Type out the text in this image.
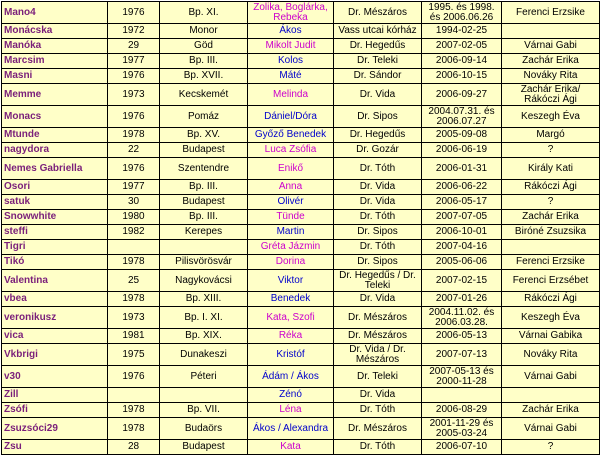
Mano4	1976	Bp. XI.	Zolika, Boglárka, Rebeka	Dr. Mészáros	1995. és 1998. és 2006.06.26	Ferenci Erzsike
Monácska	1972	Monor	Ákos	Vass utcai kórház	1994-02-25	
Manóka	29	Göd	Mikolt Judit	Dr. Hegedűs	2007-02-05	Várnai Gabi
Marcsim	1977	Bp. III.	Kolos	Dr. Teleki	2006-09-14	Zachár Erika
Masni	1976	Bp. XVII.	Máté	Dr. Sándor	2006-10-15	Nováky Rita
Memme	1973	Kecskemét	Melinda	Dr. Vida	2006-09-27	Zachár Erika/ Rákóczi Ági
Monacs	1976	Pomáz	Dániel/Dóra	Dr. Sipos	2004.07.31. és 2006.07.27	Keszegh Éva
Mtunde	1978	Bp. XV.	Győző Benedek	Dr. Hegedűs	2005-09-08	Margó
nagydora	22	Budapest	Luca Zsófia	Dr. Gozár	2006-06-19	?
Nemes Gabriella	1976	Szentendre	Enikő	Dr. Tóth	2006-01-31	Király Kati
Osori	1977	Bp. III.	Anna	Dr. Vida	2006-06-22	Rákóczi Ági
satuk	30	Budapest	Olivér	Dr. Vida	2006-05-17	?
Snowwhite	1980	Bp. III.	Tünde	Dr. Tóth	2007-07-05	Zachár Erika
steffi	1982	Kerepes	Martin	Dr. Sipos	2006-10-01	Biróné Zsuzsika
Tigri			Gréta Jázmin	Dr. Tóth	2007-04-16	
Tikó	1978	Pilisvörösvár	Dorina	Dr. Sipos	2005-06-06	Ferenci Erzsike
Valentina	25	Nagykovácsi	Viktor	Dr. Hegedűs / Dr. Teleki	2007-02-15	Ferenci Erzsébet
vbea	1978	Bp. XIII.	Benedek	Dr. Vida	2007-01-26	Rákóczi Ági
veronikusz	1973	Bp. I. XI.	Kata, Szofi	Dr. Mészáros	2004.11.02. és 2006.03.28.	Keszegh Éva
vica	1981	Bp. XIX.	Réka	Dr. Mészáros	2006-05-13	Várnai Gabika
Vkbrigi	1975	Dunakeszi	Kristóf	Dr. Vida / Dr. Mészáros	2007-07-13	Nováky Rita
v30	1976	Péteri	Ádám / Ákos	Dr. Teleki	2007-05-13 és 2000-11-28	Várnai Gabi
Zill			Zénó	Dr. Vida		
Zsófi	1978	Bp. VII.	Léna	Dr. Tóth	2006-08-29	Zachár Erika
Zsuzsóci29	1978	Budaörs	Ákos / Alexandra	Dr. Mészáros	2001-11-29 és 2005-03-24	Várnai Gabi
Zsu	28	Budapest	Kata	Dr. Tóth	2006-07-10	?
